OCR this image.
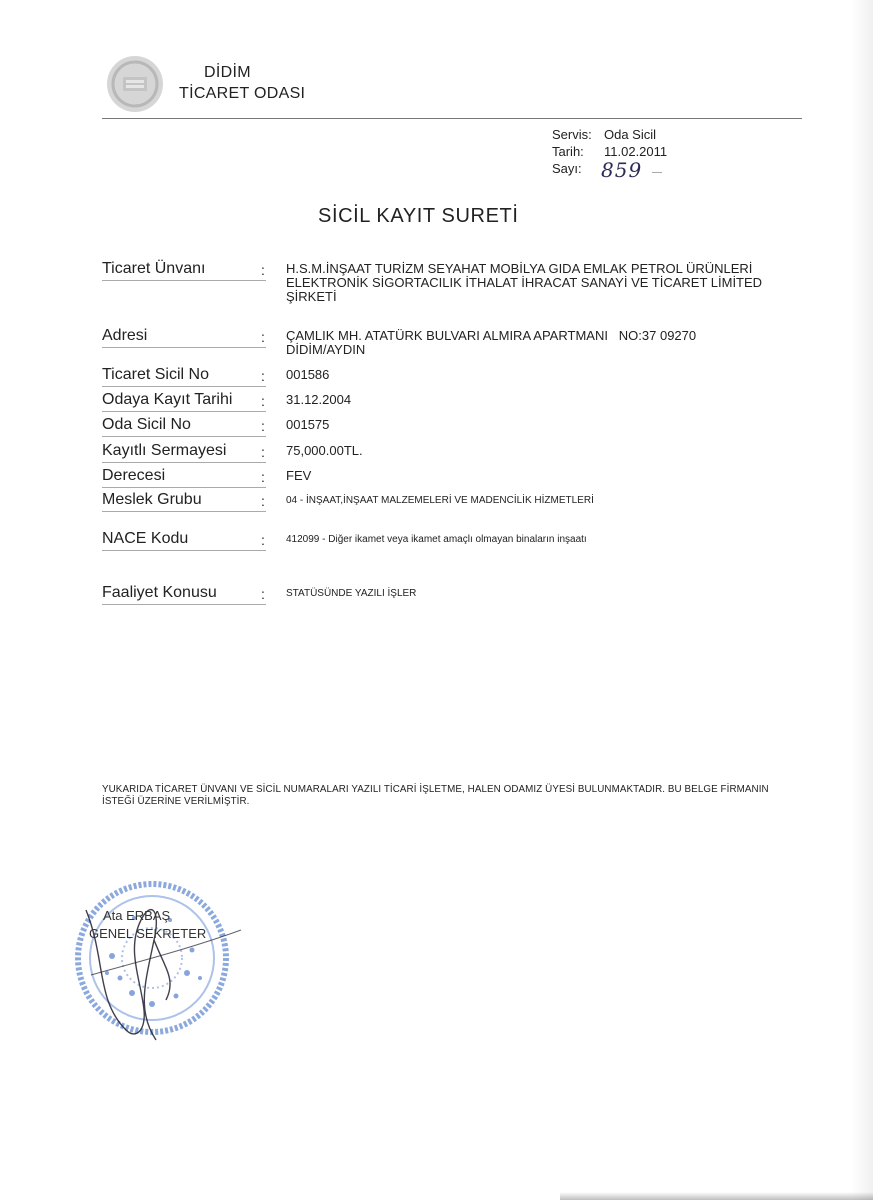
DİDİM
TİCARET ODASI
Servis: Oda Sicil
Tarih:	11.02.2011
Sayı: 859
SİCİL KAYIT SURETİ
Ticaret Ünvanı	: H.S.M.İNŞAAT TURİZM SEYAHAT MOBİLYA GIDA EMLAK PETROL ÜRÜNLERİ ELEKTRONİK SİGORTACILIK İTHALAT İHRACAT SANAYİ VE TİCARET LİMİTED ŞİRKETİ
Adresi	: ÇAMLIK MH. ATATÜRK BULVARI ALMIRA APARTMANI   NO:37 09270 DİDİM/AYDIN
Ticaret Sicil No	: 001586
Odaya Kayıt Tarihi	: 31.12.2004
Oda Sicil No	: 001575
Kayıtlı Sermayesi	: 75,000.00TL.
Derecesi	: FEV
Meslek Grubu	: 04 - İNŞAAT,İNŞAAT MALZEMELERİ VE MADENCİLİK HİZMETLERİ
NACE Kodu	: 412099 - Diğer ikamet veya ikamet amaçlı olmayan binaların inşaatı
Faaliyet Konusu	: STATÜSÜNDE YAZILI İŞLER
YUKARIDA TİCARET ÜNVANI VE SİCİL NUMARALARI YAZILI TİCARİ İŞLETME, HALEN ODAMIZ ÜYESİ BULUNMAKTADIR. BU BELGE FİRMANIN İSTEĞİ ÜZERİNE VERİLMİŞTİR.
Ata ERBAŞ
GENEL SEKRETER
